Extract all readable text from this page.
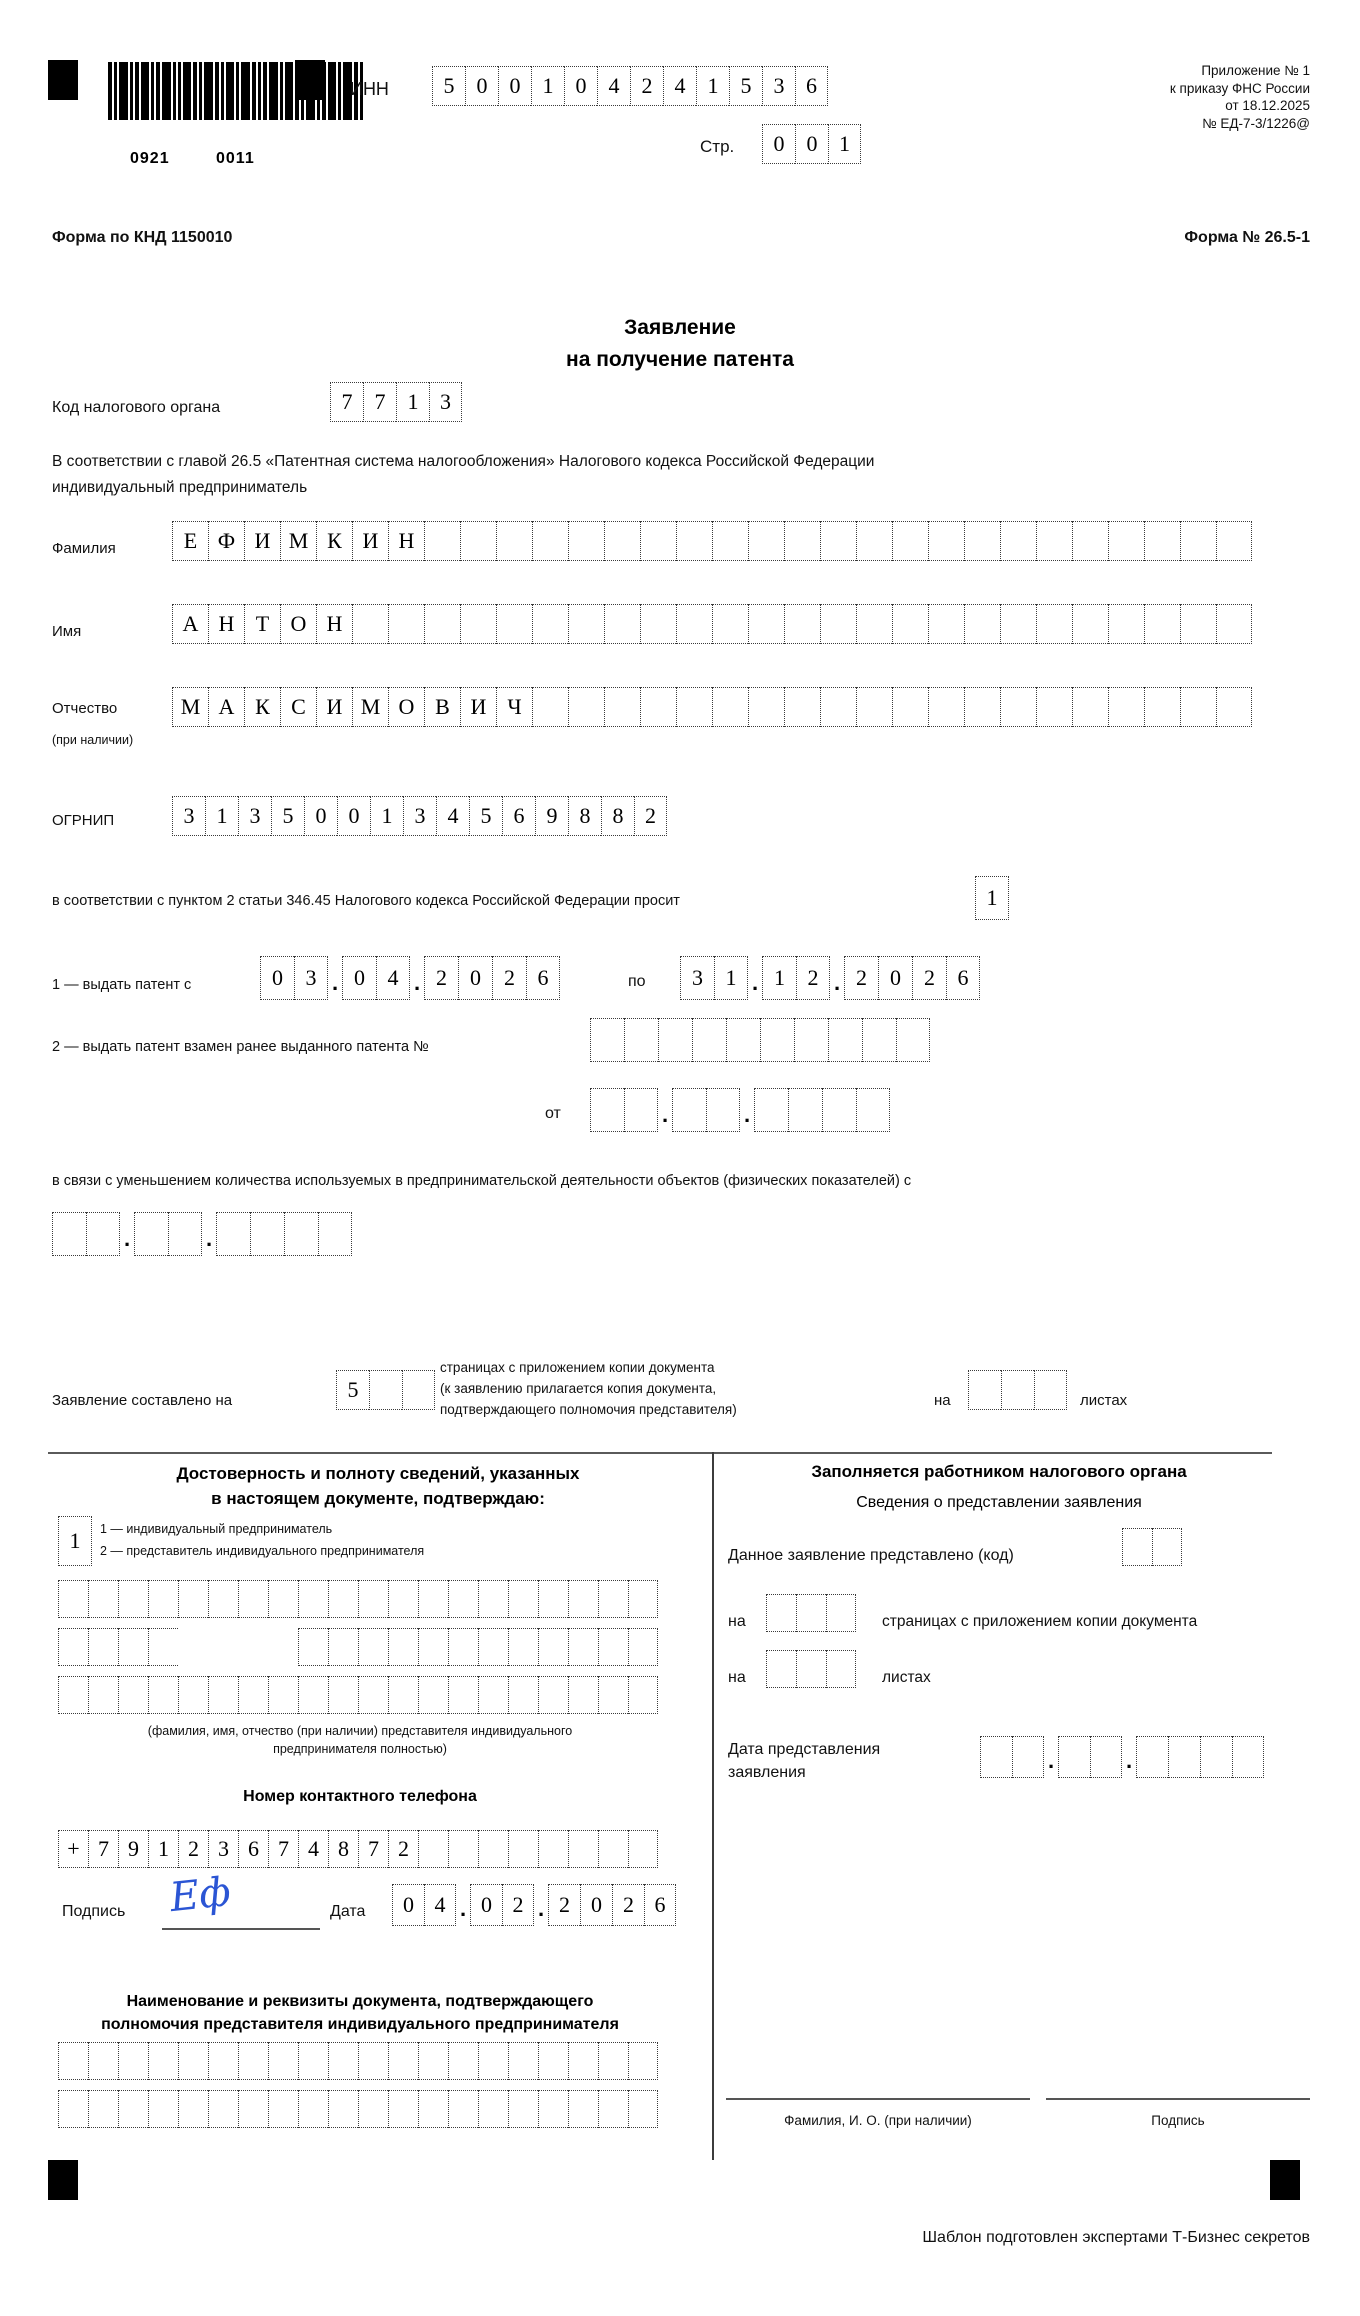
0921	0011
ИНН	5	0	0	1	0	4	2	4	1	5	3 6
Стр.	0	0 1
Приложение № 1
к приказу ФНС России
от 18.12.2025
№ ЕД-7-3/1226@
Форма по КНД 1150010	Форма № 26.5-1
Заявление
на получение патента
Код налогового органа	7	7	1 3
В соответствии с главой 26.5 «Патентная система налогообложения» Налогового кодекса Российской Федерации
индивидуальный предприниматель
Фамилия	Е Ф И М К И Н
Имя	А Н Т О Н
Отчество
(при наличии)
М А К С И М О В И Ч
ОГРНИП	3	1	3	5	0	0	1	3	4	5	6	9	8	8 2
в соответствии с пунктом 2 статьи 346.45 Налогового кодекса Российской Федерации просит	1
1 — выдать патент с	0	3 . 0	4 . 2	0	2	6	по	3	1 . 1	2 . 2	0	2	6
2 — выдать патент взамен ранее выданного патента №
от	.	.
в связи с уменьшением количества используемых в предпринимательской деятельности объектов (физических показателей) с
.	.
Заявление составлено на	5
страницах с приложением копии документа
(к заявлению прилагается копия документа,
подтверждающего полномочия представителя)
на	листах
Достоверность и полноту сведений, указанных
в настоящем документе, подтверждаю:
1	1 — индивидуальный предприниматель
2 — представитель индивидуального предпринимателя
(фамилия, имя, отчество (при наличии) представителя индивидуального
предпринимателя полностью)
Номер контактного телефона
+ 7 9 1 2 3 6 7 4 8 7 2
Подпись Еф	Дата	0 4 . 0 2 . 2 0 2 6
Наименование и реквизиты документа, подтверждающего
полномочия представителя индивидуального предпринимателя
Заполняется работником налогового органа
Сведения о представлении заявления
Данное заявление представлено (код)
на	страницах с приложением копии документа
на	листах
Дата представления
заявления	.	.
Фамилия, И. О. (при наличии)	Подпись
Шаблон подготовлен экспертами Т-Бизнес секретов
